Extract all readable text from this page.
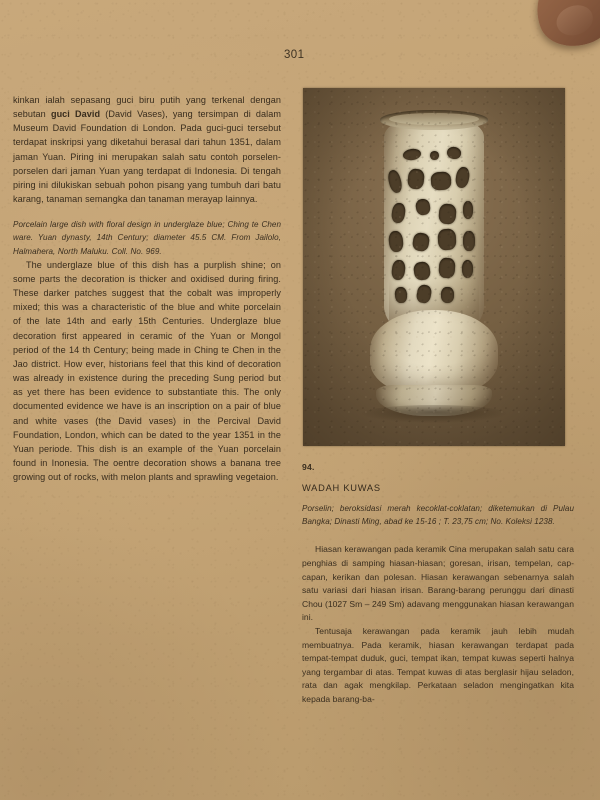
301

kinkan ialah sepasang guci biru putih yang terkenal dengan sebutan guci David (David Vases), yang tersimpan di dalam Museum David Foundation di London. Pada guci-guci tersebut terdapat inskripsi yang diketahui berasal dari tahun 1351, dalam jaman Yuan. Piring ini merupakan salah satu contoh porselen-porselen dari jaman Yuan yang terdapat di Indonesia. Di tengah piring ini dilukiskan sebuah pohon pisang yang tumbuh dari batu karang, tanaman semangka dan tanaman merayap lainnya.

Porcelain large dish with floral design in underglaze blue; Ching te Chen ware. Yuan dynasty, 14th Century; diameter 45.5 CM. From Jailolo, Halmahera, North Maluku. Coll. No. 969.

The underglaze blue of this dish has a purplish shine; on some parts the decoration is thicker and oxidised during firing. These darker patches suggest that the cobalt was improperly mixed; this was a characteristic of the blue and white porcelain of the late 14th and early 15th Centuries. Underglaze blue decoration first appeared in ceramic of the Yuan or Mongol period of the 14 th Century; being made in Ching te Chen in the Jao district. How ever, historians feel that this kind of decoration was already in existence during the preceding Sung period but as yet there has been evidence to substantiate this. The only documented evidence we have is an inscription on a pair of blue and white vases (the David vases) in the Percival David Foundation, London, which can be dated to the year 1351 in the Yuan periode. This dish is an example of the Yuan porcelain found in Inonesia. The oentre decoration shows a banana tree growing out of rocks, with melon plants and sprawling vegetaion.

94.

WADAH KUWAS

Porselin; beroksidasi merah kecoklat-coklatan; diketemukan di Pulau Bangka; Dinasti Ming, abad ke 15-16 ; T. 23,75 cm; No. Koleksi 1238.

Hiasan kerawangan pada keramik Cina merupakan salah satu cara penghias di samping hiasan-hiasan; goresan, irisan, tempelan, cap-capan, kerikan dan polesan. Hiasan kerawangan sebenarnya salah satu variasi dari hiasan irisan. Barang-barang perunggu dari dinasti Chou (1027 Sm – 249 Sm) adavang menggunakan hiasan kerawangan ini.

Tentusaja kerawangan pada keramik jauh lebih mudah membuatnya. Pada keramik, hiasan kerawangan terdapat pada tempat-tempat duduk, guci, tempat ikan, tempat kuwas seperti halnya yang tergambar di atas. Tempat kuwas di atas berglasir hijau seladon, rata dan agak mengkilap. Perkataan seladon mengingatkan kita kepada barang-ba-
